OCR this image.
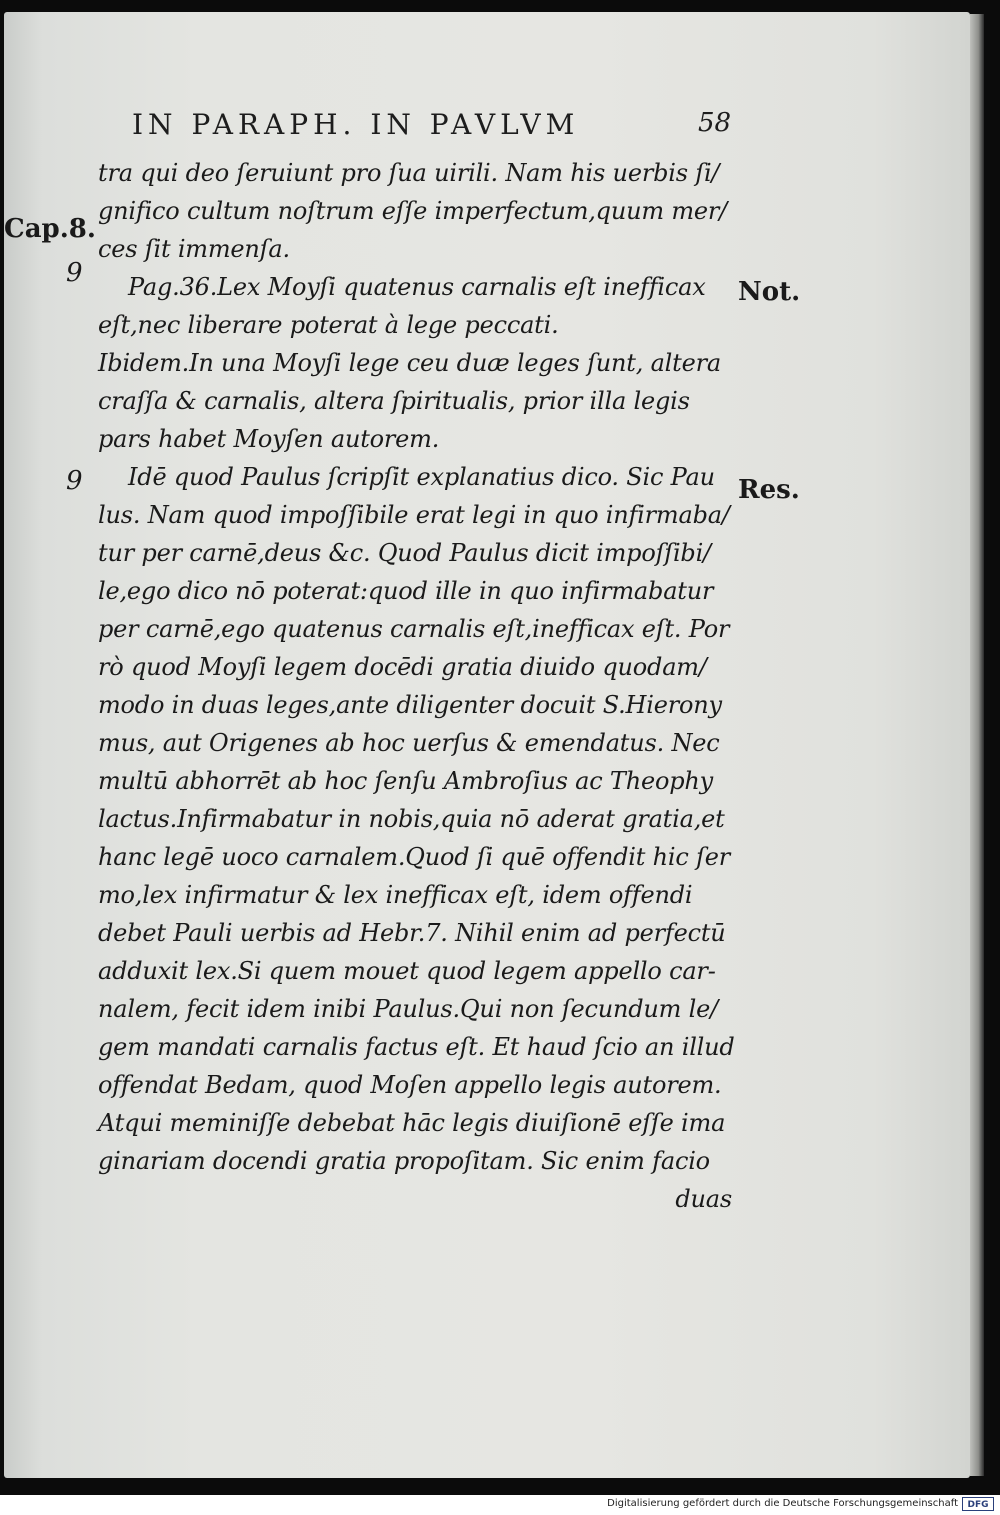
IN PARAPH. IN PAVLVM	58
Cap.8.
9
9
Not.
Res.
tra qui deo ſeruiunt pro ſua uirili. Nam his uerbis ſi/
gnifico cultum noſtrum eſſe imperfectum,quum mer/
ces ſit immenſa.
Pag.36.Lex Moyſi quatenus carnalis eſt inefficax
eſt,nec liberare poterat à lege peccati.
Ibidem.In una Moyſi lege ceu duæ leges ſunt, altera
craſſa & carnalis, altera ſpiritualis, prior illa legis
pars habet Moyſen autorem.
Idē quod Paulus ſcripſit explanatius dico. Sic Pau
lus. Nam quod impoſſibile erat legi in quo infirmaba/
tur per carnē,deus &c. Quod Paulus dicit impoſſibi/
le,ego dico nō poterat:quod ille in quo infirmabatur
per carnē,ego quatenus carnalis eſt,inefficax eſt. Por
rò quod Moyſi legem docēdi gratia diuido quodam/
modo in duas leges,ante diligenter docuit S.Hierony
mus, aut Origenes ab hoc uerſus & emendatus. Nec
multū abhorrēt ab hoc ſenſu Ambroſius ac Theophy
lactus.Infirmabatur in nobis,quia nō aderat gratia,et
hanc legē uoco carnalem.Quod ſi quē offendit hic ſer
mo,lex infirmatur & lex inefficax eſt, idem offendi
debet Pauli uerbis ad Hebr.7. Nihil enim ad perfectū
adduxit lex.Si quem mouet quod legem appello car-
nalem, fecit idem inibi Paulus.Qui non ſecundum le/
gem mandati carnalis factus eſt. Et haud ſcio an illud
offendat Bedam, quod Moſen appello legis autorem.
Atqui meminiſſe debebat hāc legis diuiſionē eſſe ima
ginariam docendi gratia propoſitam. Sic enim facio
duas
Digitalisierung gefördert durch die Deutsche Forschungsgemeinschaft	DFG
